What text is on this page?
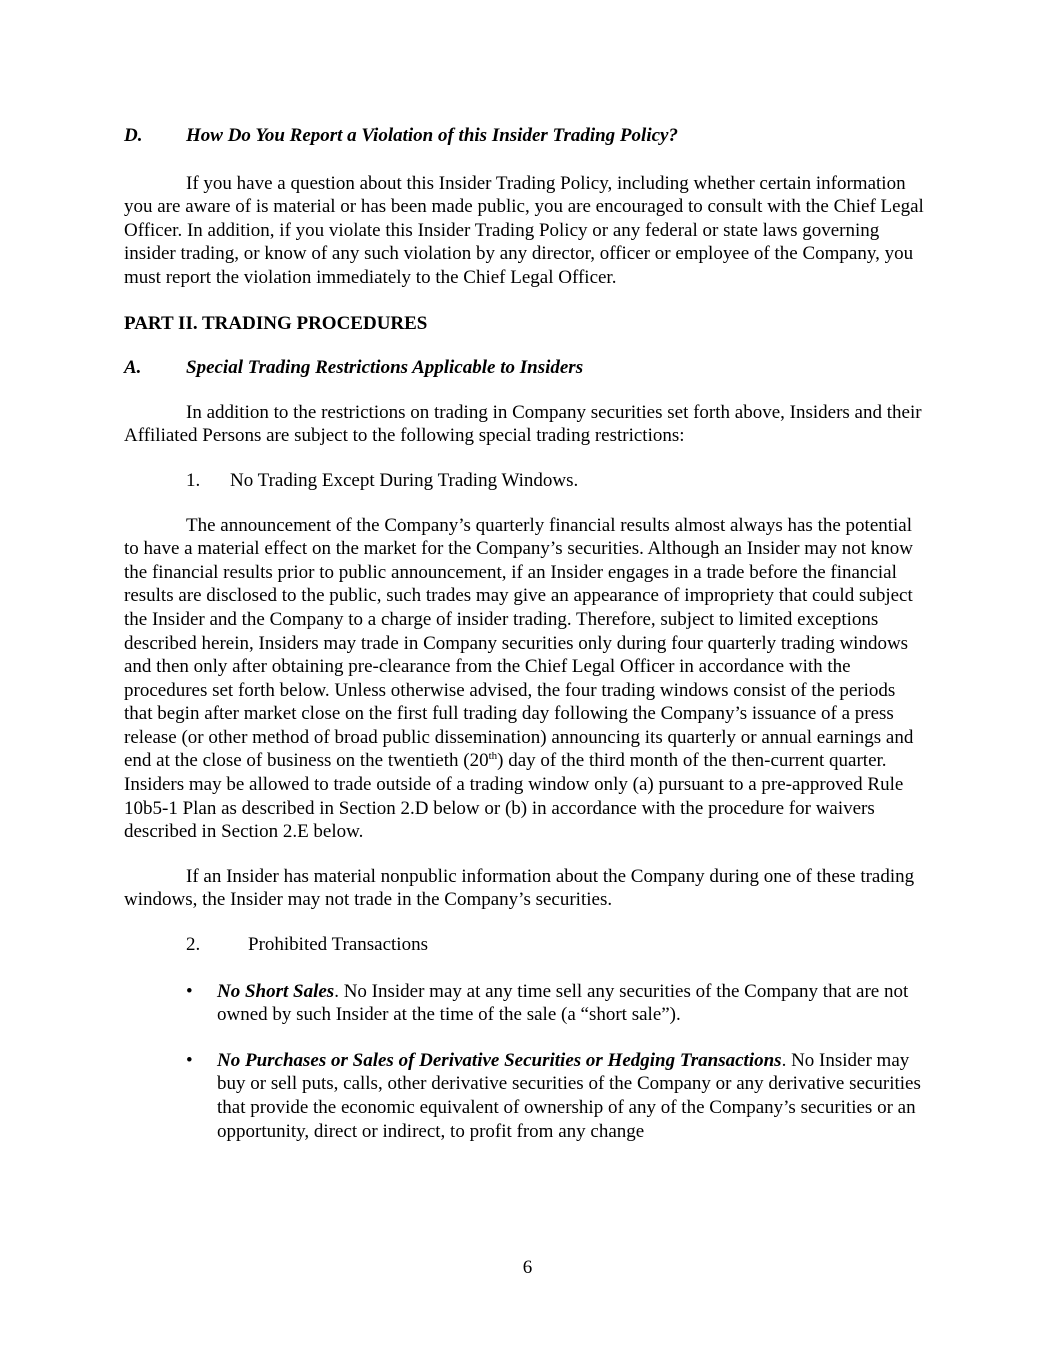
D. How Do You Report a Violation of this Insider Trading Policy?

If you have a question about this Insider Trading Policy, including whether certain information you are aware of is material or has been made public, you are encouraged to consult with the Chief Legal Officer. In addition, if you violate this Insider Trading Policy or any federal or state laws governing insider trading, or know of any such violation by any director, officer or employee of the Company, you must report the violation immediately to the Chief Legal Officer.

PART II. TRADING PROCEDURES

A. Special Trading Restrictions Applicable to Insiders

In addition to the restrictions on trading in Company securities set forth above, Insiders and their Affiliated Persons are subject to the following special trading restrictions:

1. No Trading Except During Trading Windows.

The announcement of the Company’s quarterly financial results almost always has the potential to have a material effect on the market for the Company’s securities. Although an Insider may not know the financial results prior to public announcement, if an Insider engages in a trade before the financial results are disclosed to the public, such trades may give an appearance of impropriety that could subject the Insider and the Company to a charge of insider trading. Therefore, subject to limited exceptions described herein, Insiders may trade in Company securities only during four quarterly trading windows and then only after obtaining pre-clearance from the Chief Legal Officer in accordance with the procedures set forth below. Unless otherwise advised, the four trading windows consist of the periods that begin after market close on the first full trading day following the Company’s issuance of a press release (or other method of broad public dissemination) announcing its quarterly or annual earnings and end at the close of business on the twentieth (20th) day of the third month of the then-current quarter. Insiders may be allowed to trade outside of a trading window only (a) pursuant to a pre-approved Rule 10b5-1 Plan as described in Section 2.D below or (b) in accordance with the procedure for waivers described in Section 2.E below.

If an Insider has material nonpublic information about the Company during one of these trading windows, the Insider may not trade in the Company’s securities.

2.	Prohibited Transactions

• No Short Sales. No Insider may at any time sell any securities of the Company that are not owned by such Insider at the time of the sale (a “short sale”).

• No Purchases or Sales of Derivative Securities or Hedging Transactions. No Insider may buy or sell puts, calls, other derivative securities of the Company or any derivative securities that provide the economic equivalent of ownership of any of the Company’s securities or an opportunity, direct or indirect, to profit from any change

6
